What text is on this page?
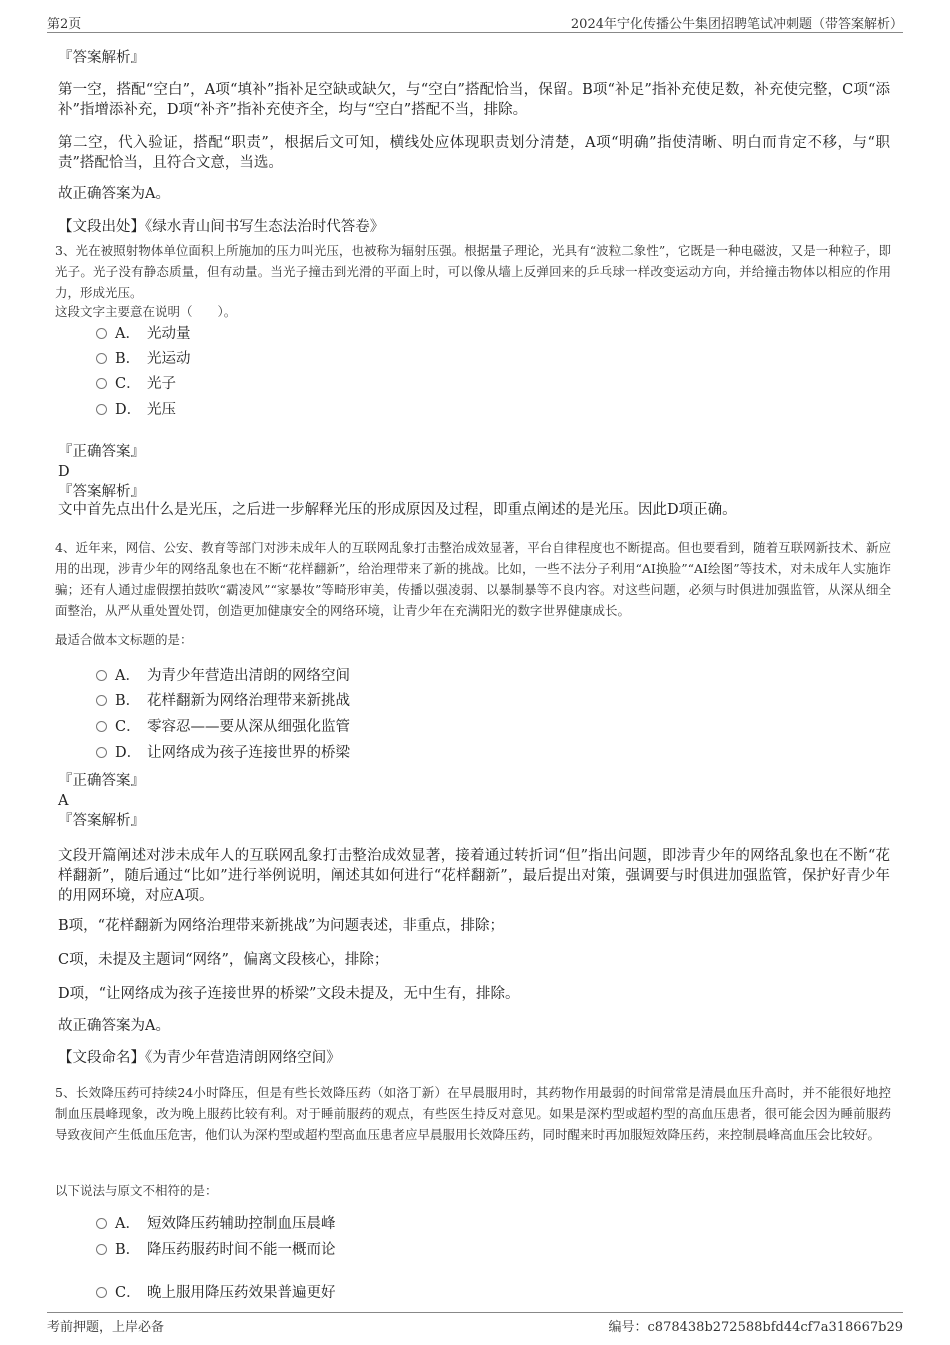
第2页	2024年宁化传播公牛集团招聘笔试冲刺题（带答案解析）
『答案解析』
第一空，搭配“空白”，A项“填补”指补足空缺或缺欠，与“空白”搭配恰当，保留。B项“补足”指补充使足数，补充使完整，C项“添补”指增添补充，D项“补齐”指补充使齐全，均与“空白”搭配不当，排除。
第二空，代入验证，搭配“职责”，根据后文可知，横线处应体现职责划分清楚，A项“明确”指使清晰、明白而肯定不移，与“职责”搭配恰当，且符合文意，当选。
故正确答案为A。
【文段出处】《绿水青山间书写生态法治时代答卷》
3、光在被照射物体单位面积上所施加的压力叫光压，也被称为辐射压强。根据量子理论，光具有“波粒二象性”，它既是一种电磁波，又是一种粒子，即光子。光子没有静态质量，但有动量。当光子撞击到光滑的平面上时，可以像从墙上反弹回来的乒乓球一样改变运动方向，并给撞击物体以相应的作用力，形成光压。
这段文字主要意在说明（　　）。
A． 光动量
B． 光运动
C． 光子
D． 光压
『正确答案』
D
『答案解析』
文中首先点出什么是光压，之后进一步解释光压的形成原因及过程，即重点阐述的是光压。因此D项正确。
4、近年来，网信、公安、教育等部门对涉未成年人的互联网乱象打击整治成效显著，平台自律程度也不断提高。但也要看到，随着互联网新技术、新应用的出现，涉青少年的网络乱象也在不断“花样翻新”，给治理带来了新的挑战。比如，一些不法分子利用“AI换脸”“AI绘图”等技术，对未成年人实施诈骗；还有人通过虚假摆拍鼓吹“霸凌风”“家暴妆”等畸形审美，传播以强凌弱、以暴制暴等不良内容。对这些问题，必须与时俱进加强监管，从深从细全面整治，从严从重处置处罚，创造更加健康安全的网络环境，让青少年在充满阳光的数字世界健康成长。
最适合做本文标题的是：
A． 为青少年营造出清朗的网络空间
B． 花样翻新为网络治理带来新挑战
C． 零容忍——要从深从细强化监管
D． 让网络成为孩子连接世界的桥梁
『正确答案』
A
『答案解析』
文段开篇阐述对涉未成年人的互联网乱象打击整治成效显著，接着通过转折词“但”指出问题，即涉青少年的网络乱象也在不断“花样翻新”，随后通过“比如”进行举例说明，阐述其如何进行“花样翻新”，最后提出对策，强调要与时俱进加强监管，保护好青少年的用网环境，对应A项。
B项，“花样翻新为网络治理带来新挑战”为问题表述，非重点，排除；
C项，未提及主题词“网络”，偏离文段核心，排除；
D项，“让网络成为孩子连接世界的桥梁”文段未提及，无中生有，排除。
故正确答案为A。
【文段命名】《为青少年营造清朗网络空间》
5、长效降压药可持续24小时降压，但是有些长效降压药（如洛丁新）在早晨服用时，其药物作用最弱的时间常常是清晨血压升高时，并不能很好地控制血压晨峰现象，改为晚上服药比较有利。对于睡前服药的观点，有些医生持反对意见。如果是深杓型或超杓型的高血压患者，很可能会因为睡前服药导致夜间产生低血压危害，他们认为深杓型或超杓型高血压患者应早晨服用长效降压药，同时醒来时再加服短效降压药，来控制晨峰高血压会比较好。
以下说法与原文不相符的是：
A． 短效降压药辅助控制血压晨峰
B． 降压药服药时间不能一概而论
C． 晚上服用降压药效果普遍更好
考前押题，上岸必备	编号：c878438b272588bfd44cf7a318667b29
